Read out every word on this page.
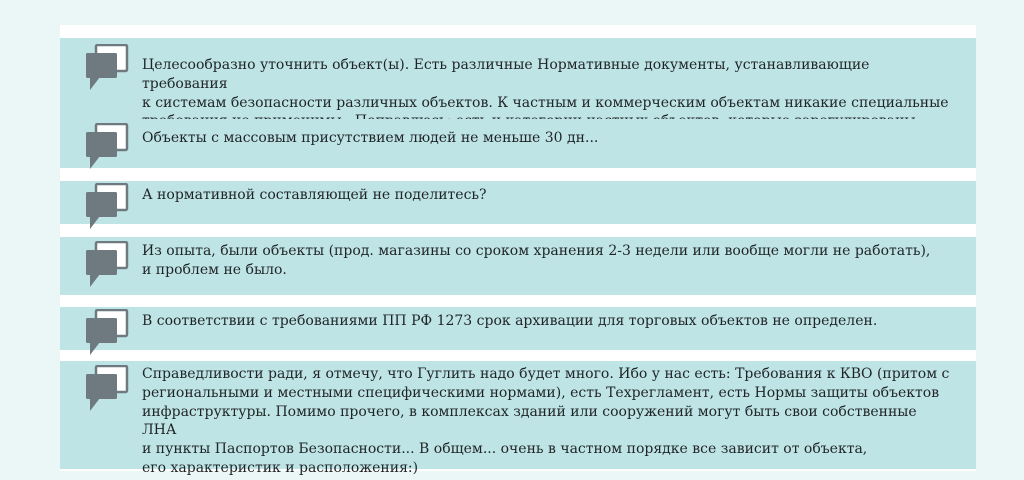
Целесообразно уточнить объект(ы). Есть различные Нормативные документы, устанавливающие требования
к системам безопасности различных объектов. К частным и коммерческим объектам никакие специальные

Объекты с массовым присутствием людей не меньше 30 дн...

А нормативной составляющей не поделитесь?

Из опыта, были объекты (прод. магазины со сроком хранения 2-3 недели или вообще могли не работать),
и проблем не было.

В соответствии с требованиями ПП РФ 1273 срок архивации для торговых объектов не определен.

Справедливости ради, я отмечу, что Гуглить надо будет много. Ибо у нас есть: Требования к КВО (притом с
региональными и местными специфическими нормами), есть Техрегламент, есть Нормы защиты объектов
инфраструктуры. Помимо прочего, в комплексах зданий или сооружений могут быть свои собственные ЛНА
и пункты Паспортов Безопасности... В общем... очень в частном порядке все зависит от объекта,
его характеристик и расположения:)
